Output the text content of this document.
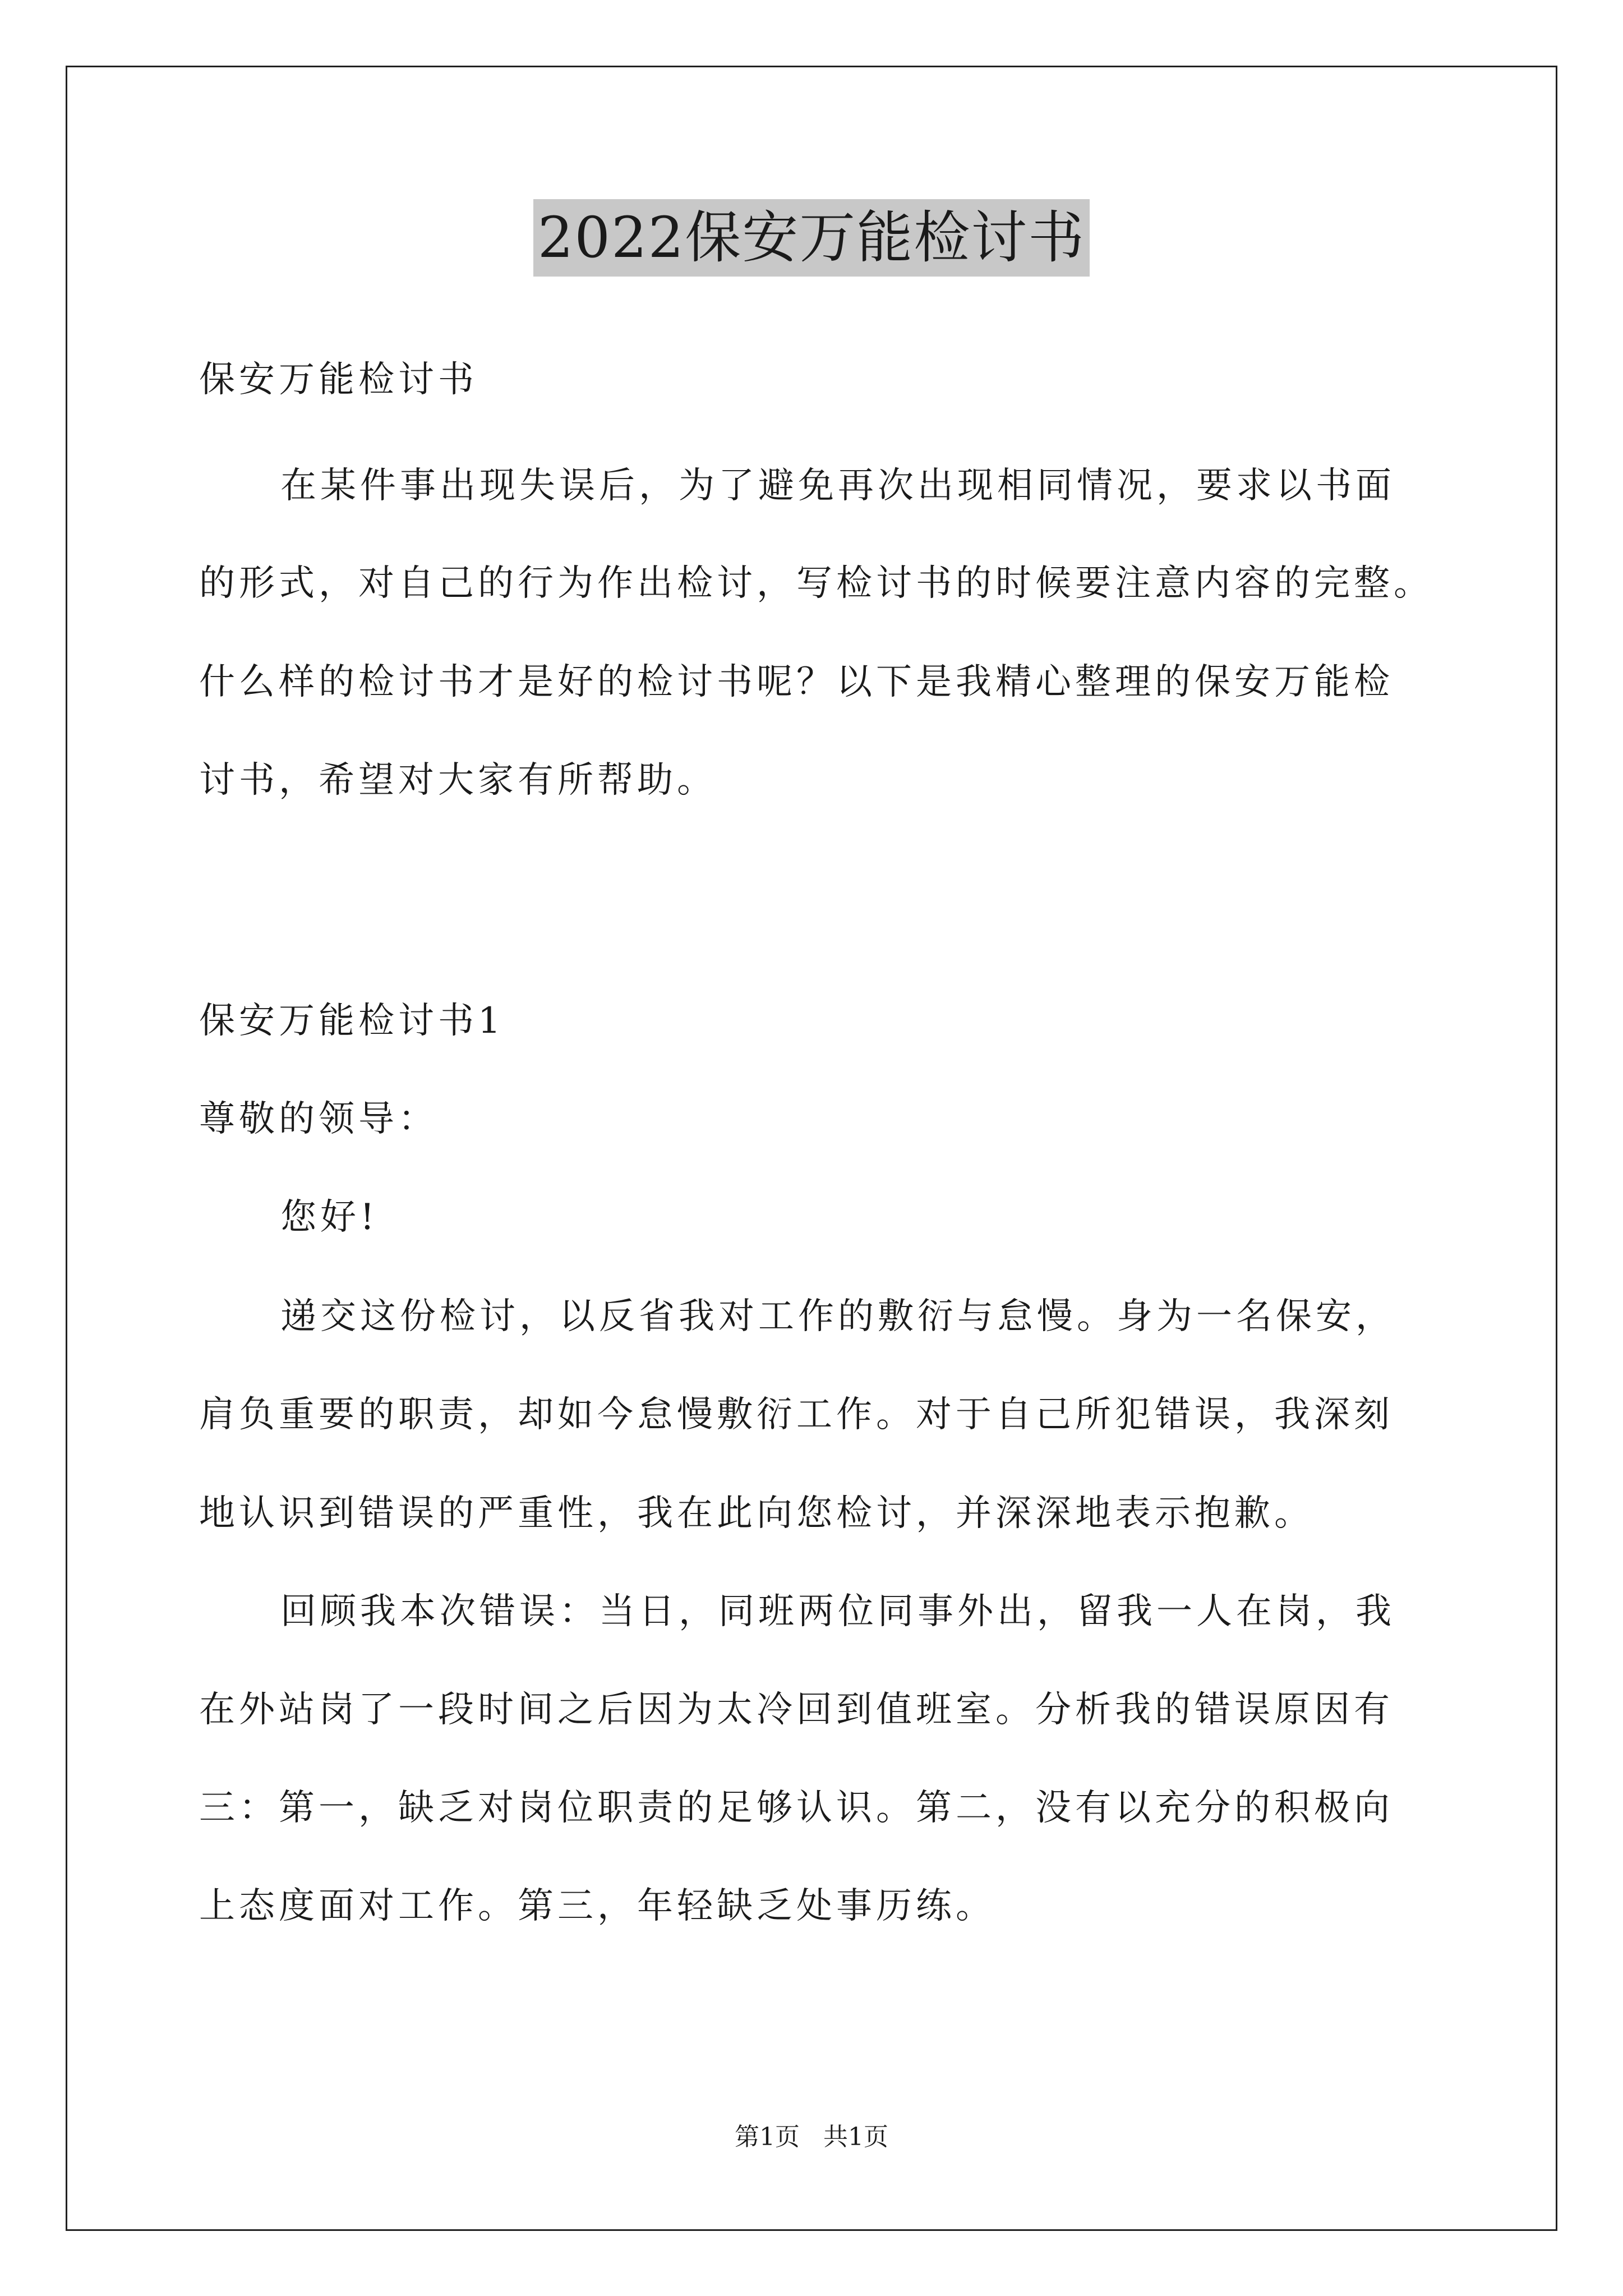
2022保安万能检讨书
保安万能检讨书
在某件事出现失误后，为了避免再次出现相同情况，要求以书面
的形式，对自己的行为作出检讨，写检讨书的时候要注意内容的完整。
什么样的检讨书才是好的检讨书呢？以下是我精心整理的保安万能检
讨书，希望对大家有所帮助。
保安万能检讨书1
尊敬的领导：
您好!
递交这份检讨，以反省我对工作的敷衍与怠慢。身为一名保安，
肩负重要的职责，却如今怠慢敷衍工作。对于自己所犯错误，我深刻
地认识到错误的严重性，我在此向您检讨，并深深地表示抱歉。
回顾我本次错误：当日，同班两位同事外出，留我一人在岗，我
在外站岗了一段时间之后因为太冷回到值班室。分析我的错误原因有
三：第一，缺乏对岗位职责的足够认识。第二，没有以充分的积极向
上态度面对工作。第三，年轻缺乏处事历练。
第1页   共1页
